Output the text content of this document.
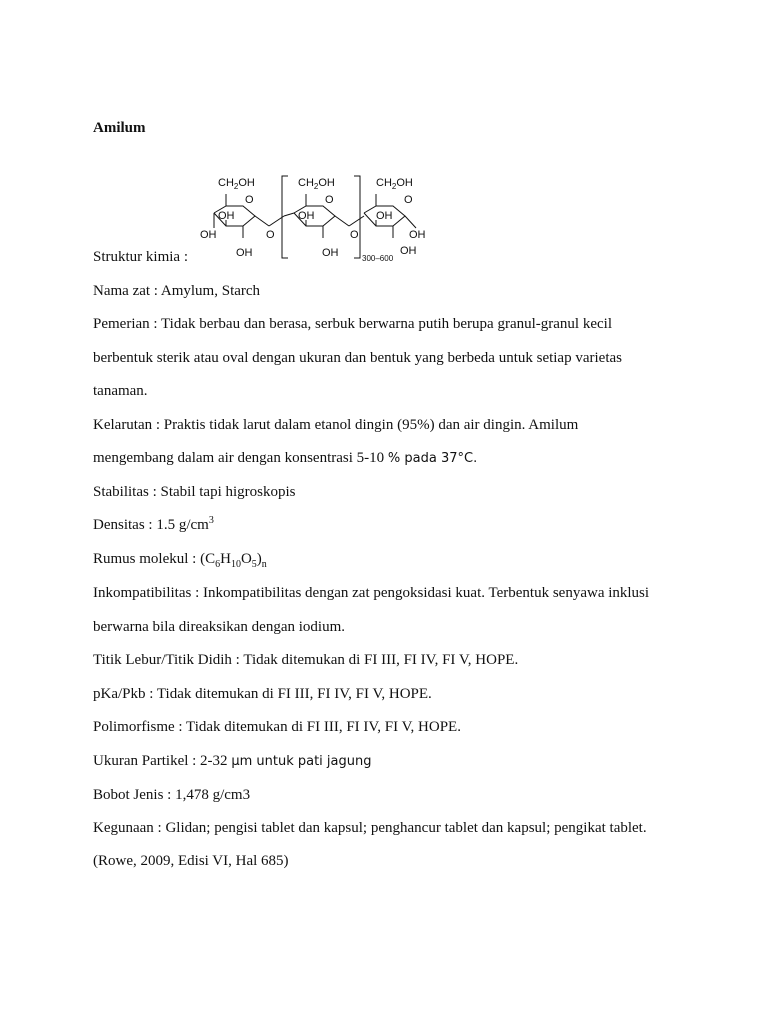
Amilum
$CH_2OH$
O
OH
OH
OH
O
$CH_2OH$
O
OH
OH
O
$CH_2OH$
O
OH
OH
OH
300–600
Struktur kimia :
Nama zat : Amylum, Starch
Pemerian : Tidak berbau dan berasa, serbuk berwarna putih berupa granul-granul kecil
berbentuk sterik atau oval dengan ukuran dan bentuk yang berbeda untuk setiap varietas
tanaman.
Kelarutan : Praktis tidak larut dalam etanol dingin (95%) dan air dingin. Amilum
mengembang dalam air dengan konsentrasi 5-10 % pada 37°C.
Stabilitas : Stabil tapi higroskopis
Densitas : 1.5 $g/cm^3$
Rumus molekul : $(C_6H_{10}O_5)_n$
Inkompatibilitas : Inkompatibilitas dengan zat pengoksidasi kuat. Terbentuk senyawa inklusi
berwarna bila direaksikan dengan iodium.
Titik Lebur/Titik Didih : Tidak ditemukan di FI III, FI IV, FI V, HOPE.
pKa/Pkb : Tidak ditemukan di FI III, FI IV, FI V, HOPE.
Polimorfisme : Tidak ditemukan di FI III, FI IV, FI V, HOPE.
Ukuran Partikel : 2-32 μm untuk pati jagung
Bobot Jenis : 1,478 g/cm3
Kegunaan : Glidan; pengisi tablet dan kapsul; penghancur tablet dan kapsul; pengikat tablet.
(Rowe, 2009, Edisi VI, Hal 685)
